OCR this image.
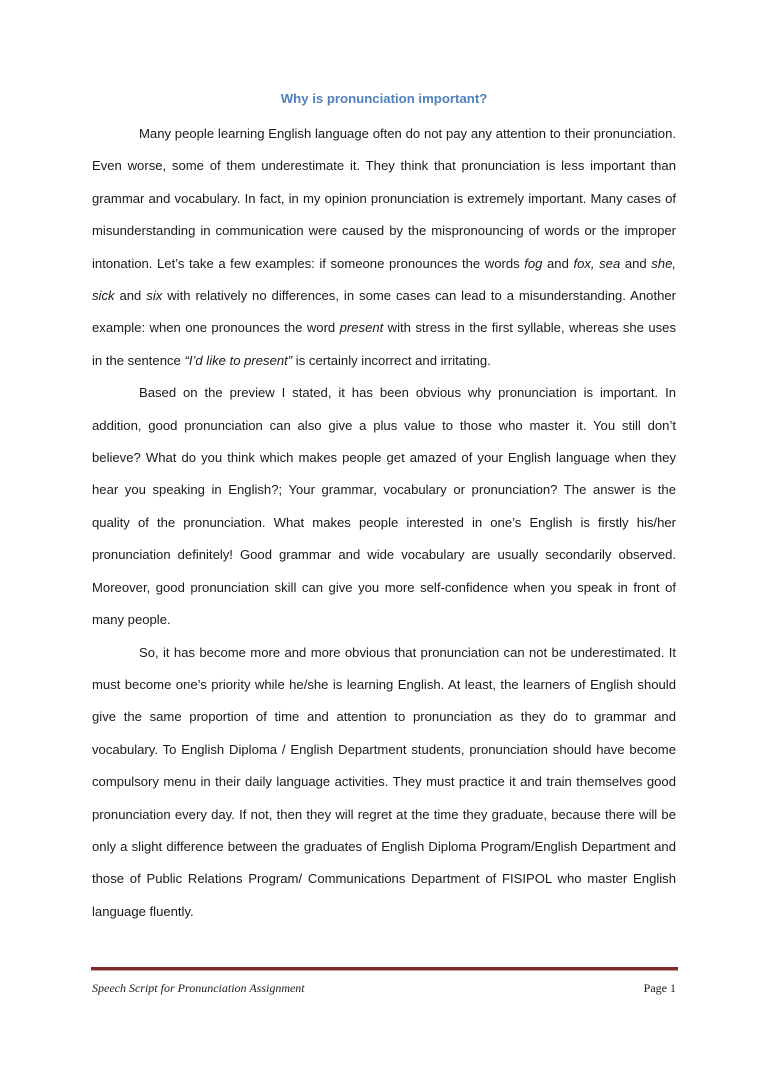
Why is pronunciation important?

Many people learning English language often do not pay any attention to their pronunciation. Even worse, some of them underestimate it. They think that pronunciation is less important than grammar and vocabulary. In fact, in my opinion pronunciation is extremely important. Many cases of misunderstanding in communication were caused by the mispronouncing of words or the improper intonation. Let’s take a few examples: if someone pronounces the words fog and fox, sea and she, sick and six with relatively no differences, in some cases can lead to a misunderstanding. Another example: when one pronounces the word present with stress in the first syllable, whereas she uses in the sentence “I’d like to present” is certainly incorrect and irritating.

Based on the preview I stated, it has been obvious why pronunciation is important. In addition, good pronunciation can also give a plus value to those who master it. You still don’t believe? What do you think which makes people get amazed of your English language when they hear you speaking in English?; Your grammar, vocabulary or pronunciation? The answer is the quality of the pronunciation. What makes people interested in one’s English is firstly his/her pronunciation definitely! Good grammar and wide vocabulary are usually secondarily observed. Moreover, good pronunciation skill can give you more self-confidence when you speak in front of many people.

So, it has become more and more obvious that pronunciation can not be underestimated. It must become one’s priority while he/she is learning English. At least, the learners of English should give the same proportion of time and attention to pronunciation as they do to grammar and vocabulary. To English Diploma / English Department students, pronunciation should have become compulsory menu in their daily language activities. They must practice it and train themselves good pronunciation every day. If not, then they will regret at the time they graduate, because there will be only a slight difference between the graduates of English Diploma Program/English Department and those of Public Relations Program/ Communications Department of FISIPOL who master English language fluently.

Speech Script for Pronunciation Assignment	Page 1
